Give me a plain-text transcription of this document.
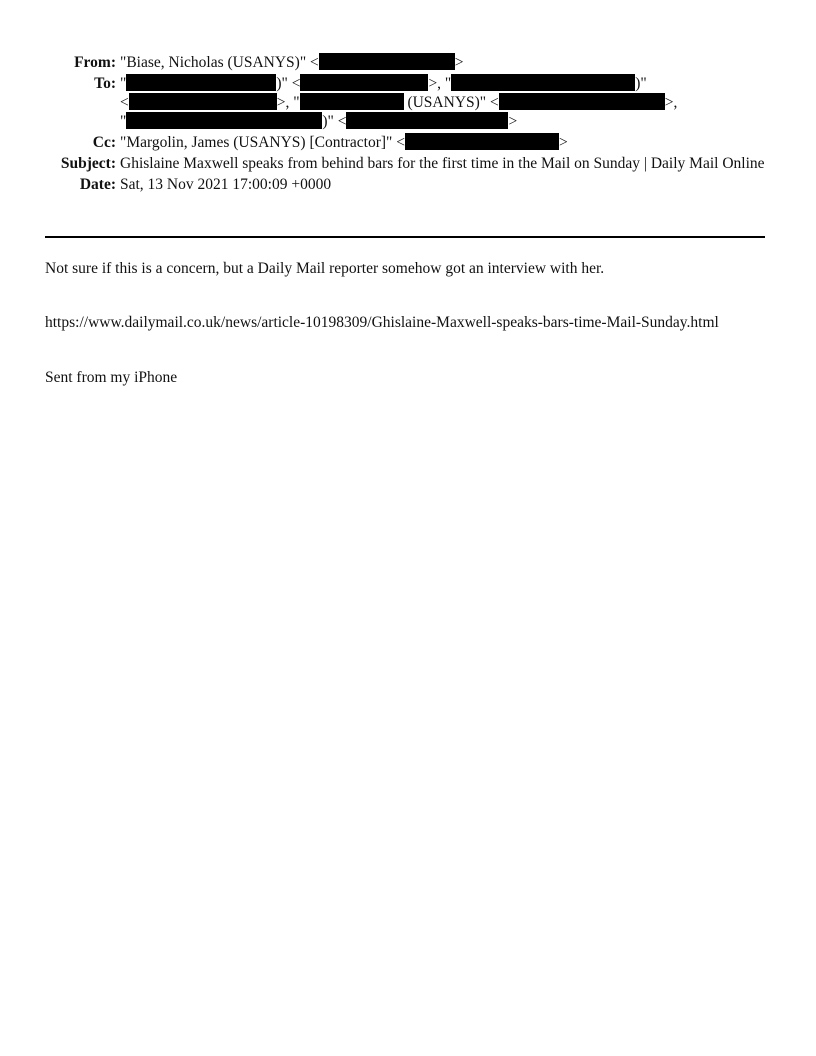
From: "Biase, Nicholas (USANYS)" <	>
To: "	)" <	>, "	)"
<	>, "	(USANYS)" <	>,
"	)" <	>
Cc: "Margolin, James (USANYS) [Contractor]" <	>
Subject: Ghislaine Maxwell speaks from behind bars for the first time in the Mail on Sunday | Daily Mail Online
Date: Sat, 13 Nov 2021 17:00:09 +0000
Not sure if this is a concern, but a Daily Mail reporter somehow got an interview with her.
https://www.dailymail.co.uk/news/article-10198309/Ghislaine-Maxwell-speaks-bars-time-Mail-Sunday.html
Sent from my iPhone
